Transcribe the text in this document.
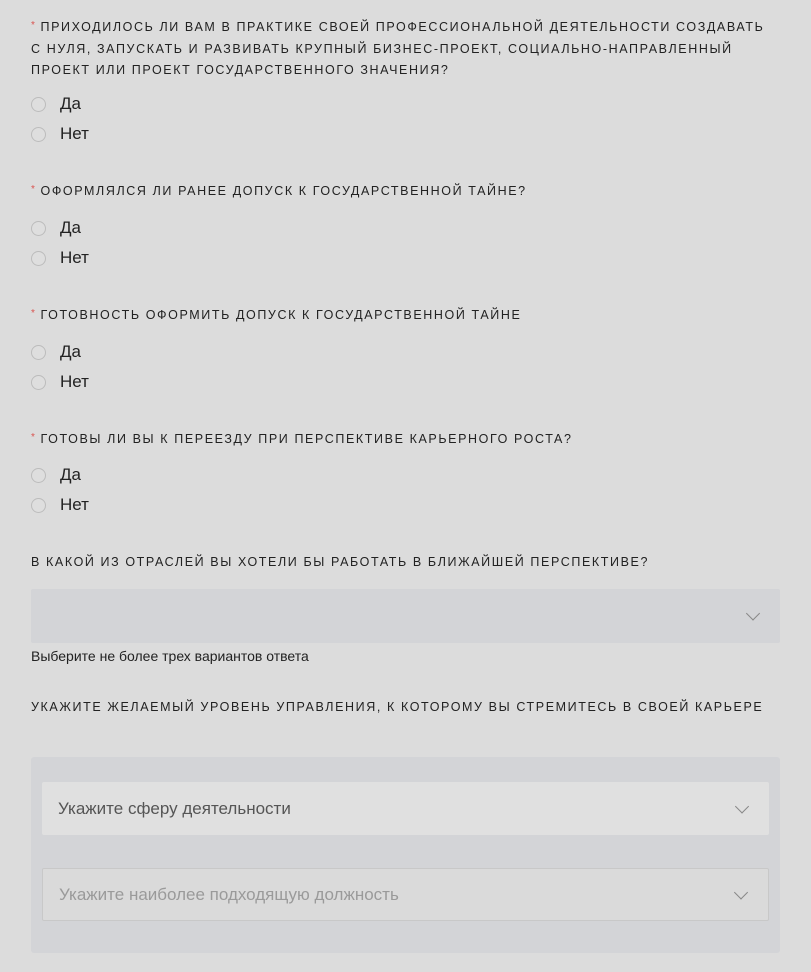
* ПРИХОДИЛОСЬ ЛИ ВАМ В ПРАКТИКЕ СВОЕЙ ПРОФЕССИОНАЛЬНОЙ ДЕЯТЕЛЬНОСТИ СОЗДАВАТЬ С НУЛЯ, ЗАПУСКАТЬ И РАЗВИВАТЬ КРУПНЫЙ БИЗНЕС-ПРОЕКТ, СОЦИАЛЬНО-НАПРАВЛЕННЫЙ ПРОЕКТ ИЛИ ПРОЕКТ ГОСУДАРСТВЕННОГО ЗНАЧЕНИЯ?
Да
Нет
* ОФОРМЛЯЛСЯ ЛИ РАНЕЕ ДОПУСК К ГОСУДАРСТВЕННОЙ ТАЙНЕ?
Да
Нет
* ГОТОВНОСТЬ ОФОРМИТЬ ДОПУСК К ГОСУДАРСТВЕННОЙ ТАЙНЕ
Да
Нет
* ГОТОВЫ ЛИ ВЫ К ПЕРЕЕЗДУ ПРИ ПЕРСПЕКТИВЕ КАРЬЕРНОГО РОСТА?
Да
Нет
В КАКОЙ ИЗ ОТРАСЛЕЙ ВЫ ХОТЕЛИ БЫ РАБОТАТЬ В БЛИЖАЙШЕЙ ПЕРСПЕКТИВЕ?
Выберите не более трех вариантов ответа
УКАЖИТЕ ЖЕЛАЕМЫЙ УРОВЕНЬ УПРАВЛЕНИЯ, К КОТОРОМУ ВЫ СТРЕМИТЕСЬ В СВОЕЙ КАРЬЕРЕ
Укажите сферу деятельности
Укажите наиболее подходящую должность
